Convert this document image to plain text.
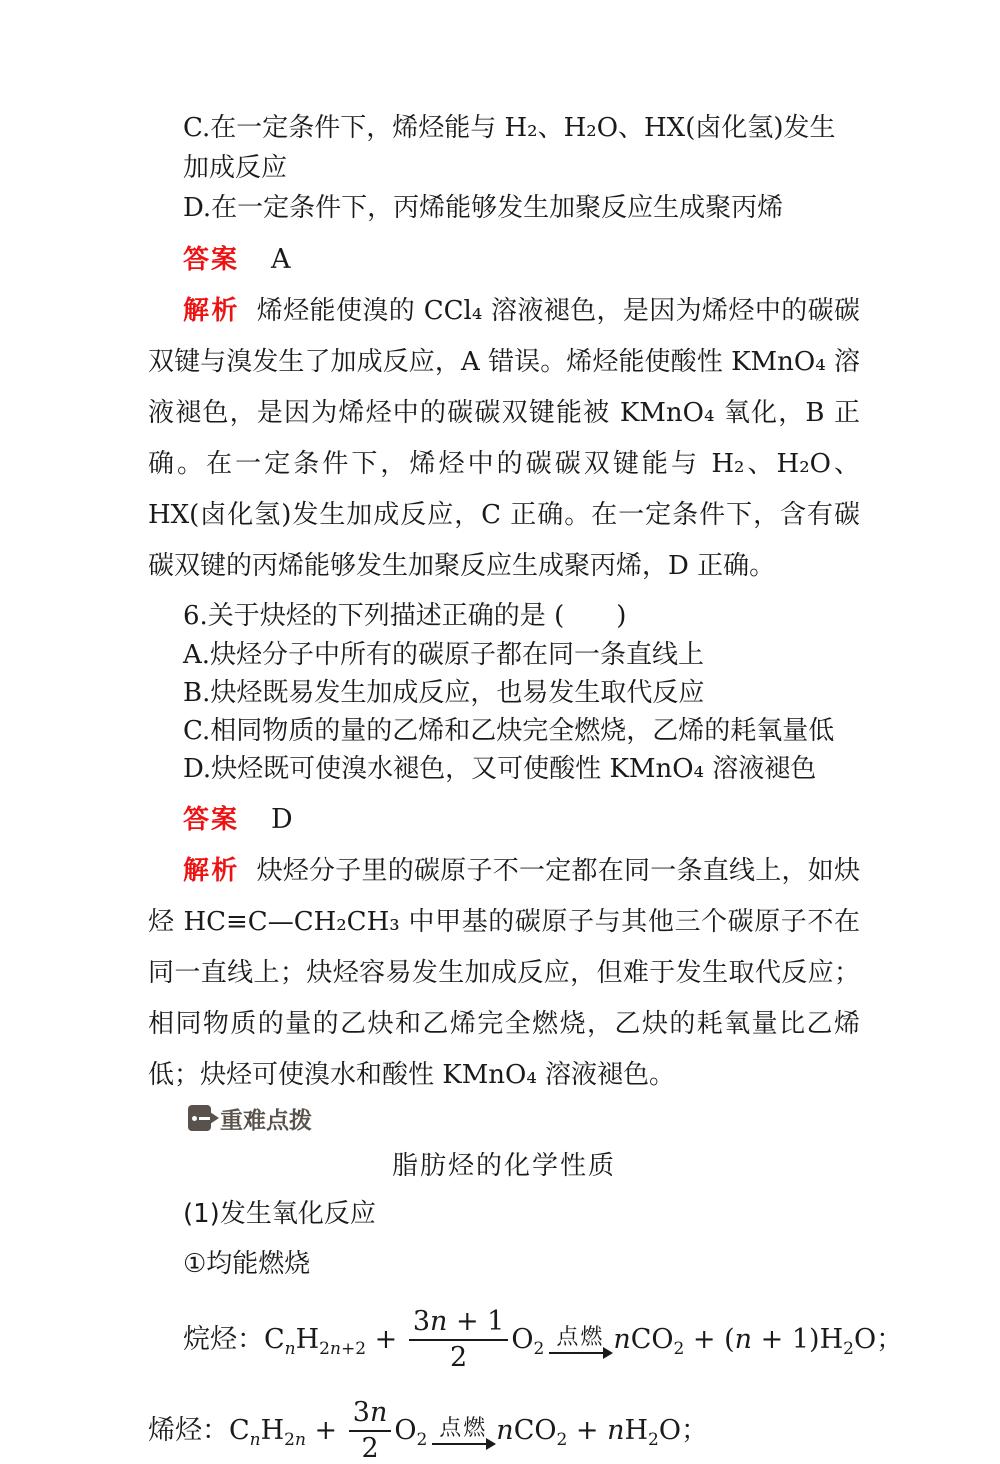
C.在一定条件下，烯烃能与 H₂、H₂O、HX(卤化氢)发生加成反应
D.在一定条件下，丙烯能够发生加聚反应生成聚丙烯
答案 A

解析 烯烃能使溴的 CCl₄ 溶液褪色，是因为烯烃中的碳碳双键与溴发生了加成反应，A 错误。烯烃能使酸性 KMnO₄ 溶液褪色，是因为烯烃中的碳碳双键能被 KMnO₄ 氧化，B 正确。在一定条件下，烯烃中的碳碳双键能与 H₂、H₂O、HX(卤化氢)发生加成反应，C 正确。在一定条件下，含有碳碳双键的丙烯能够发生加聚反应生成聚丙烯，D 正确。

6.关于炔烃的下列描述正确的是 (　　)
A.炔烃分子中所有的碳原子都在同一条直线上
B.炔烃既易发生加成反应，也易发生取代反应
C.相同物质的量的乙烯和乙炔完全燃烧，乙烯的耗氧量低
D.炔烃既可使溴水褪色，又可使酸性 KMnO₄ 溶液褪色
答案 D

解析 炔烃分子里的碳原子不一定都在同一条直线上，如炔烃 HC≡C—CH₂CH₃ 中甲基的碳原子与其他三个碳原子不在同一直线上；炔烃容易发生加成反应，但难于发生取代反应；相同物质的量的乙炔和乙烯完全燃烧，乙炔的耗氧量比乙烯低；炔烃可使溴水和酸性 KMnO₄ 溶液褪色。

重难点拨
脂肪烃的化学性质
(1)发生氧化反应
①均能燃烧
烷烃：$C_nH_{2n+2} + \frac{3n + 1}{2} O_2$ 点燃 $nCO_2 + (n + 1)H_2O$；
烯烃：$C_nH_{2n} + \frac{3n}{2} O_2$ 点燃 $nCO_2 + nH_2O$；
